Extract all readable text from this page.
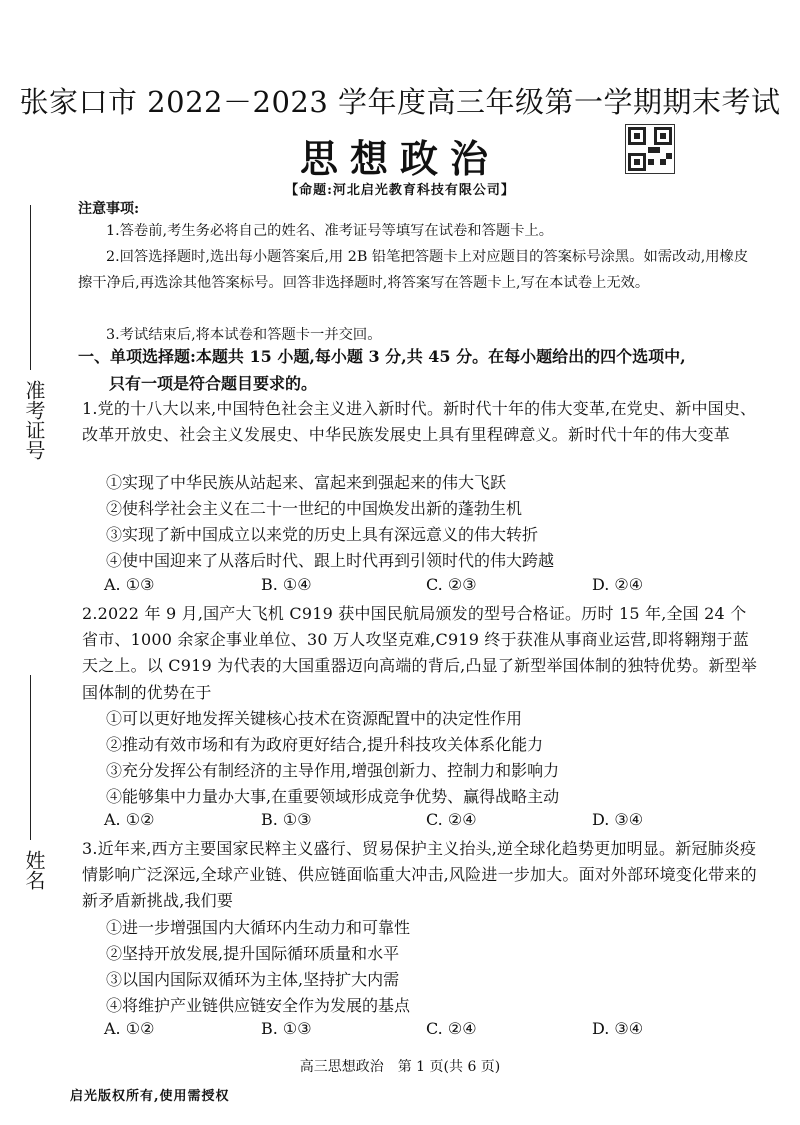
准考证号
姓名
张家口市 2022－2023 学年度高三年级第一学期期末考试
思想政治
【命题:河北启光教育科技有限公司】
注意事项:
1.答卷前,考生务必将自己的姓名、准考证号等填写在试卷和答题卡上。
2.回答选择题时,选出每小题答案后,用 2B 铅笔把答题卡上对应题目的答案标号涂黑。如需改动,用橡皮擦干净后,再选涂其他答案标号。回答非选择题时,将答案写在答题卡上,写在本试卷上无效。
3.考试结束后,将本试卷和答题卡一并交回。
一、单项选择题:本题共 15 小题,每小题 3 分,共 45 分。在每小题给出的四个选项中,
只有一项是符合题目要求的。
1.党的十八大以来,中国特色社会主义进入新时代。新时代十年的伟大变革,在党史、新中国史、改革开放史、社会主义发展史、中华民族发展史上具有里程碑意义。新时代十年的伟大变革
①实现了中华民族从站起来、富起来到强起来的伟大飞跃
②使科学社会主义在二十一世纪的中国焕发出新的蓬勃生机
③实现了新中国成立以来党的历史上具有深远意义的伟大转折
④使中国迎来了从落后时代、跟上时代再到引领时代的伟大跨越
A. ①③	B. ①④	C. ②③	D. ②④
2.2022 年 9 月,国产大飞机 C919 获中国民航局颁发的型号合格证。历时 15 年,全国 24 个省市、1000 余家企事业单位、30 万人攻坚克难,C919 终于获准从事商业运营,即将翱翔于蓝天之上。以 C919 为代表的大国重器迈向高端的背后,凸显了新型举国体制的独特优势。新型举国体制的优势在于
①可以更好地发挥关键核心技术在资源配置中的决定性作用
②推动有效市场和有为政府更好结合,提升科技攻关体系化能力
③充分发挥公有制经济的主导作用,增强创新力、控制力和影响力
④能够集中力量办大事,在重要领域形成竞争优势、赢得战略主动
A. ①②	B. ①③	C. ②④	D. ③④
3.近年来,西方主要国家民粹主义盛行、贸易保护主义抬头,逆全球化趋势更加明显。新冠肺炎疫情影响广泛深远,全球产业链、供应链面临重大冲击,风险进一步加大。面对外部环境变化带来的新矛盾新挑战,我们要
①进一步增强国内大循环内生动力和可靠性
②坚持开放发展,提升国际循环质量和水平
③以国内国际双循环为主体,坚持扩大内需
④将维护产业链供应链安全作为发展的基点
A. ①②	B. ①③	C. ②④	D. ③④
高三思想政治　第 1 页(共 6 页)
启光版权所有,使用需授权
